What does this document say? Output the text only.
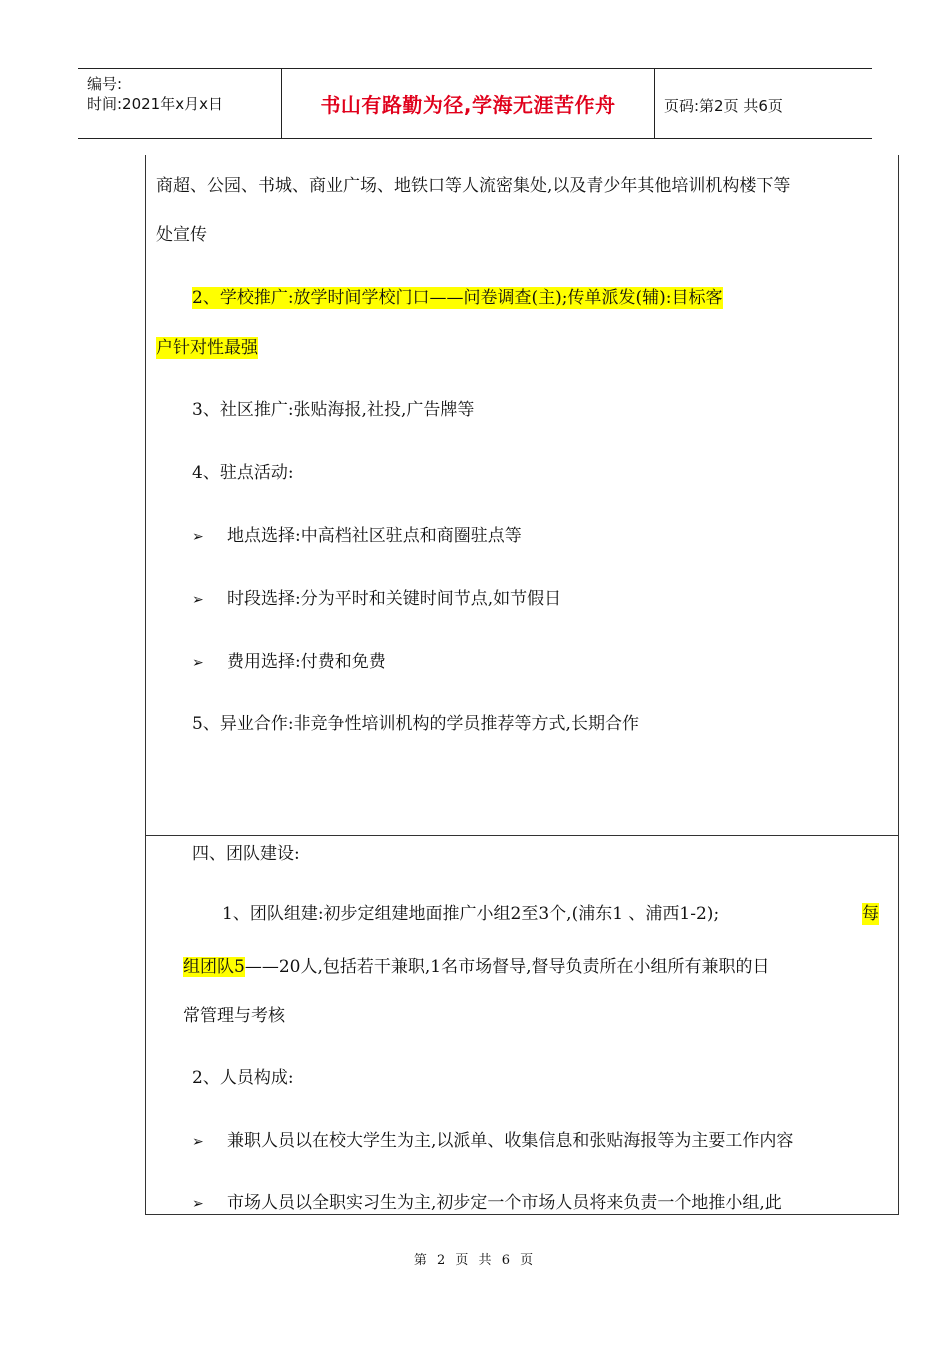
编号:
时间:2021年x月x日	书山有路勤为径,学海无涯苦作舟	页码:第2页 共6页
商超、公园、书城、商业广场、地铁口等人流密集处,以及青少年其他培训机构楼下等
处宣传
2、学校推广:放学时间学校门口——问卷调查(主);传单派发(辅):目标客
户针对性最强
3、社区推广:张贴海报,社投,广告牌等
4、驻点活动:
➢ 地点选择:中高档社区驻点和商圈驻点等
➢ 时段选择:分为平时和关键时间节点,如节假日
➢ 费用选择:付费和免费
5、异业合作:非竞争性培训机构的学员推荐等方式,长期合作
四、团队建设:
1、团队组建:初步定组建地面推广小组2至3个,(浦东1 、浦西1-2);	每
组团队5——20人,包括若干兼职,1名市场督导,督导负责所在小组所有兼职的日
常管理与考核
2、人员构成:
➢ 兼职人员以在校大学生为主,以派单、收集信息和张贴海报等为主要工作内容
➢ 市场人员以全职实习生为主,初步定一个市场人员将来负责一个地推小组,此
第 2 页 共 6 页
